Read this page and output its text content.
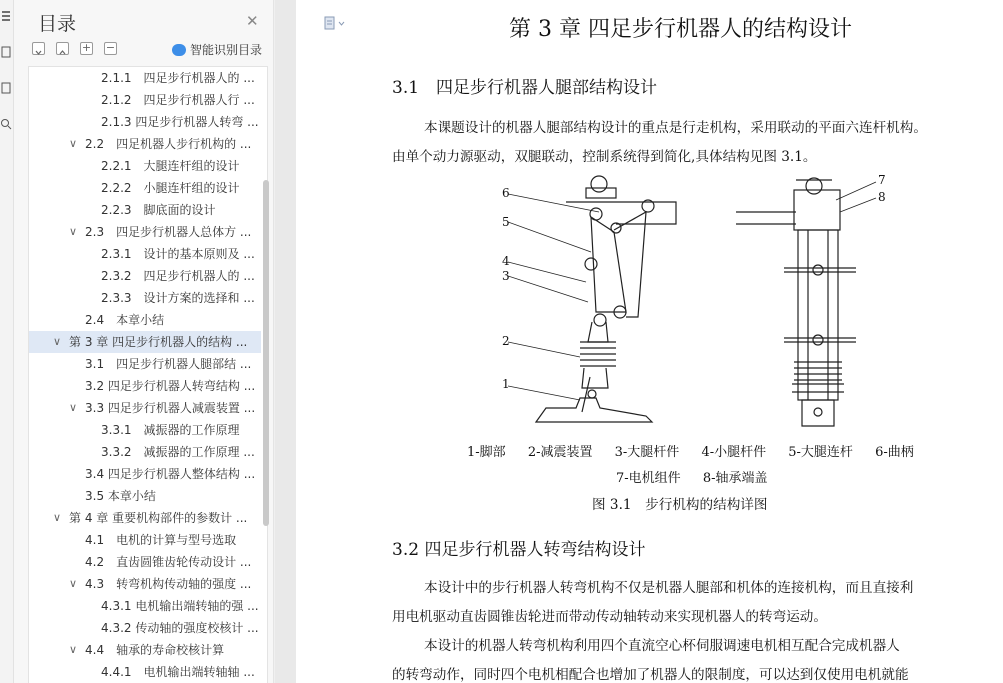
目录	✕
+ −	智能识别目录
2.1.1　四足步行机器人的 ...
2.1.2　四足步行机器人行 ...
2.1.3 四足步行机器人转弯 ...
∨ 2.2　四足机器人步行机构的 ...
2.2.1　大腿连杆组的设计
2.2.2　小腿连杆组的设计
2.2.3　脚底面的设计
∨ 2.3　四足步行机器人总体方 ...
2.3.1　设计的基本原则及 ...
2.3.2　四足步行机器人的 ...
2.3.3　设计方案的选择和 ...
2.4　本章小结
∨ 第 3 章 四足步行机器人的结构 ...
3.1　四足步行机器人腿部结 ...
3.2 四足步行机器人转弯结构 ...
∨ 3.3 四足步行机器人减震装置 ...
3.3.1　减振器的工作原理
3.3.2　减振器的工作原理 ...
3.4 四足步行机器人整体结构 ...
3.5 本章小结
∨ 第 4 章 重要机构部件的参数计 ...
4.1　电机的计算与型号选取
4.2　直齿圆锥齿轮传动设计 ...
∨ 4.3　转弯机构传动轴的强度 ...
4.3.1 电机输出端转轴的强 ...
4.3.2 传动轴的强度校核计 ...
∨ 4.4　轴承的寿命校核计算
4.4.1　电机输出端转轴轴 ...
第 3 章 四足步行机器人的结构设计
3.1　四足步行机器人腿部结构设计
本课题设计的机器人腿部结构设计的重点是行走机构，采用联动的平面六连杆机构。
由单个动力源驱动，双腿联动，控制系统得到简化,具体结构见图 3.1。
6
5
4
3
2
1
7
8
1-脚部 2-减震装置 3-大腿杆件 4-小腿杆件 5-大腿连杆 6-曲柄
7-电机组件 8-轴承端盖
图 3.1　步行机构的结构详图
3.2 四足步行机器人转弯结构设计
本设计中的步行机器人转弯机构不仅是机器人腿部和机体的连接机构，而且直接利
用电机驱动直齿圆锥齿轮进而带动传动轴转动来实现机器人的转弯运动。
本设计的机器人转弯机构利用四个直流空心杯伺服调速电机相互配合完成机器人
的转弯动作，同时四个电机相配合也增加了机器人的限制度，可以达到仅使用电机就能
